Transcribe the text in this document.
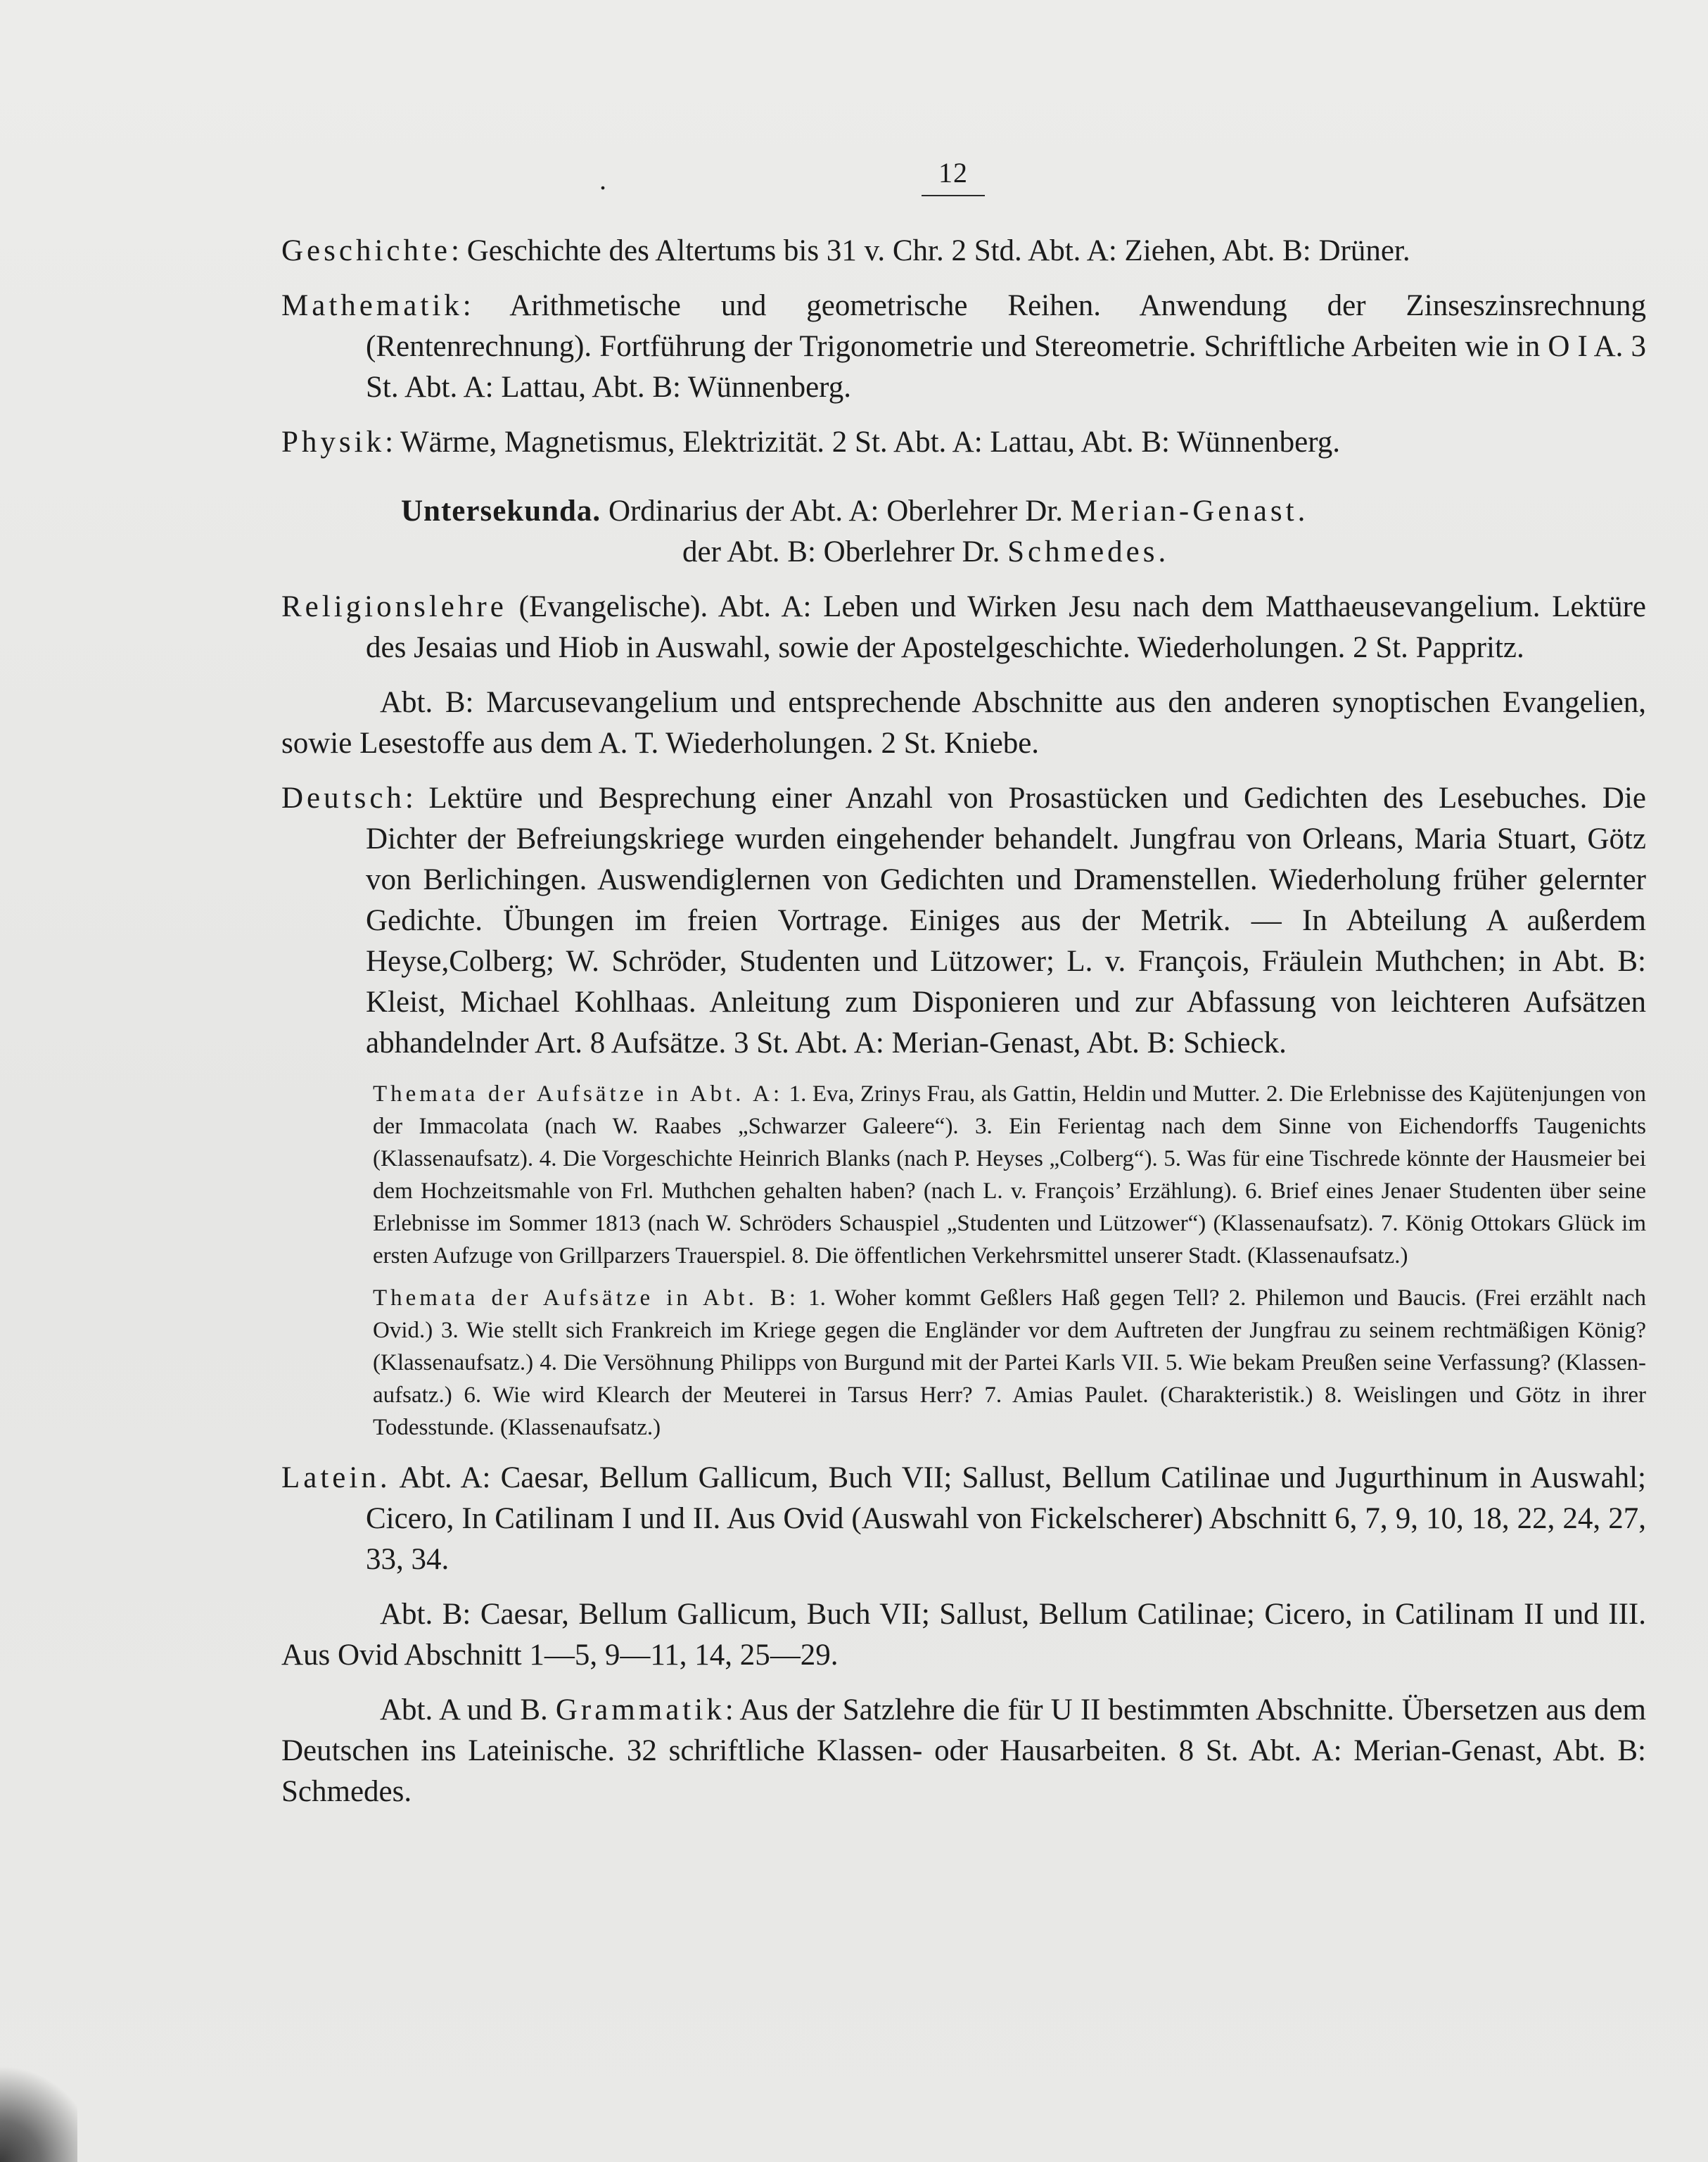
.	12

Geschichte: Geschichte des Altertums bis 31 v. Chr. 2 Std. Abt. A: Ziehen, Abt. B: Drüner.

Mathematik: Arithmetische und geometrische Reihen. Anwendung der Zinseszinsrechnung (Rentenrechnung). Fortführung der Trigonometrie und Stereometrie. Schriftliche Arbeiten wie in O I A. 3 St. Abt. A: Lattau, Abt. B: Wünnenberg.

Physik: Wärme, Magnetismus, Elektrizität. 2 St. Abt. A: Lattau, Abt. B: Wünnenberg.

Untersekunda. Ordinarius der Abt. A: Oberlehrer Dr. Merian-Genast.
der Abt. B: Oberlehrer Dr. Schmedes.

Religionslehre (Evangelische). Abt. A: Leben und Wirken Jesu nach dem Matthaeusevangelium. Lektüre des Jesaias und Hiob in Auswahl, sowie der Apostelgeschichte. Wiederholungen. 2 St. Pappritz.

Abt. B: Marcusevangelium und entsprechende Abschnitte aus den anderen synoptischen Evangelien, sowie Lesestoffe aus dem A. T. Wiederholungen. 2 St. Kniebe.

Deutsch: Lektüre und Besprechung einer Anzahl von Prosastücken und Gedichten des Lesebuches. Die Dichter der Befreiungskriege wurden eingehender behandelt. Jungfrau von Orleans, Maria Stuart, Götz von Berlichingen. Auswendiglernen von Gedichten und Dramenstellen. Wiederholung früher gelernter Gedichte. Übungen im freien Vortrage. Einiges aus der Metrik. — In Abteilung A außerdem Heyse,Colberg; W. Schröder, Studenten und Lützower; L. v. François, Fräulein Muthchen; in Abt. B: Kleist, Michael Kohlhaas. Anleitung zum Disponieren und zur Abfassung von leichteren Aufsätzen abhandelnder Art. 8 Aufsätze. 3 St. Abt. A: Merian-Genast, Abt. B: Schieck.

Themata der Aufsätze in Abt. A: 1. Eva, Zrinys Frau, als Gattin, Heldin und Mutter. 2. Die Erlebnisse des Kajütenjungen von der Immacolata (nach W. Raabes „Schwarzer Galeere“). 3. Ein Ferientag nach dem Sinne von Eichendorffs Taugenichts (Klassenaufsatz). 4. Die Vorgeschichte Heinrich Blanks (nach P. Heyses „Colberg“). 5. Was für eine Tischrede könnte der Hausmeier bei dem Hochzeitsmahle von Frl. Muthchen gehalten haben? (nach L. v. François’ Erzählung). 6. Brief eines Jenaer Studenten über seine Erlebnisse im Sommer 1813 (nach W. Schröders Schauspiel „Studenten und Lützower“) (Klassenaufsatz). 7. König Ottokars Glück im ersten Aufzuge von Grillparzers Trauerspiel. 8. Die öffentlichen Verkehrsmittel unserer Stadt. (Klassenaufsatz.)

Themata der Aufsätze in Abt. B: 1. Woher kommt Geßlers Haß gegen Tell? 2. Philemon und Baucis. (Frei erzählt nach Ovid.) 3. Wie stellt sich Frankreich im Kriege gegen die Engländer vor dem Auftreten der Jungfrau zu seinem rechtmäßigen König? (Klassenaufsatz.) 4. Die Versöhnung Philipps von Burgund mit der Partei Karls VII. 5. Wie bekam Preußen seine Verfassung? (Klassenaufsatz.) 6. Wie wird Klearch der Meuterei in Tarsus Herr? 7. Amias Paulet. (Charakteristik.) 8. Weislingen und Götz in ihrer Todesstunde. (Klassenaufsatz.)

Latein. Abt. A: Caesar, Bellum Gallicum, Buch VII; Sallust, Bellum Catilinae und Jugurthinum in Auswahl; Cicero, In Catilinam I und II. Aus Ovid (Auswahl von Fickelscherer) Abschnitt 6, 7, 9, 10, 18, 22, 24, 27, 33, 34.

Abt. B: Caesar, Bellum Gallicum, Buch VII; Sallust, Bellum Catilinae; Cicero, in Catilinam II und III. Aus Ovid Abschnitt 1—5, 9—11, 14, 25—29.

Abt. A und B. Grammatik: Aus der Satzlehre die für U II bestimmten Abschnitte. Übersetzen aus dem Deutschen ins Lateinische. 32 schriftliche Klassen- oder Hausarbeiten. 8 St. Abt. A: Merian-Genast, Abt. B: Schmedes.
